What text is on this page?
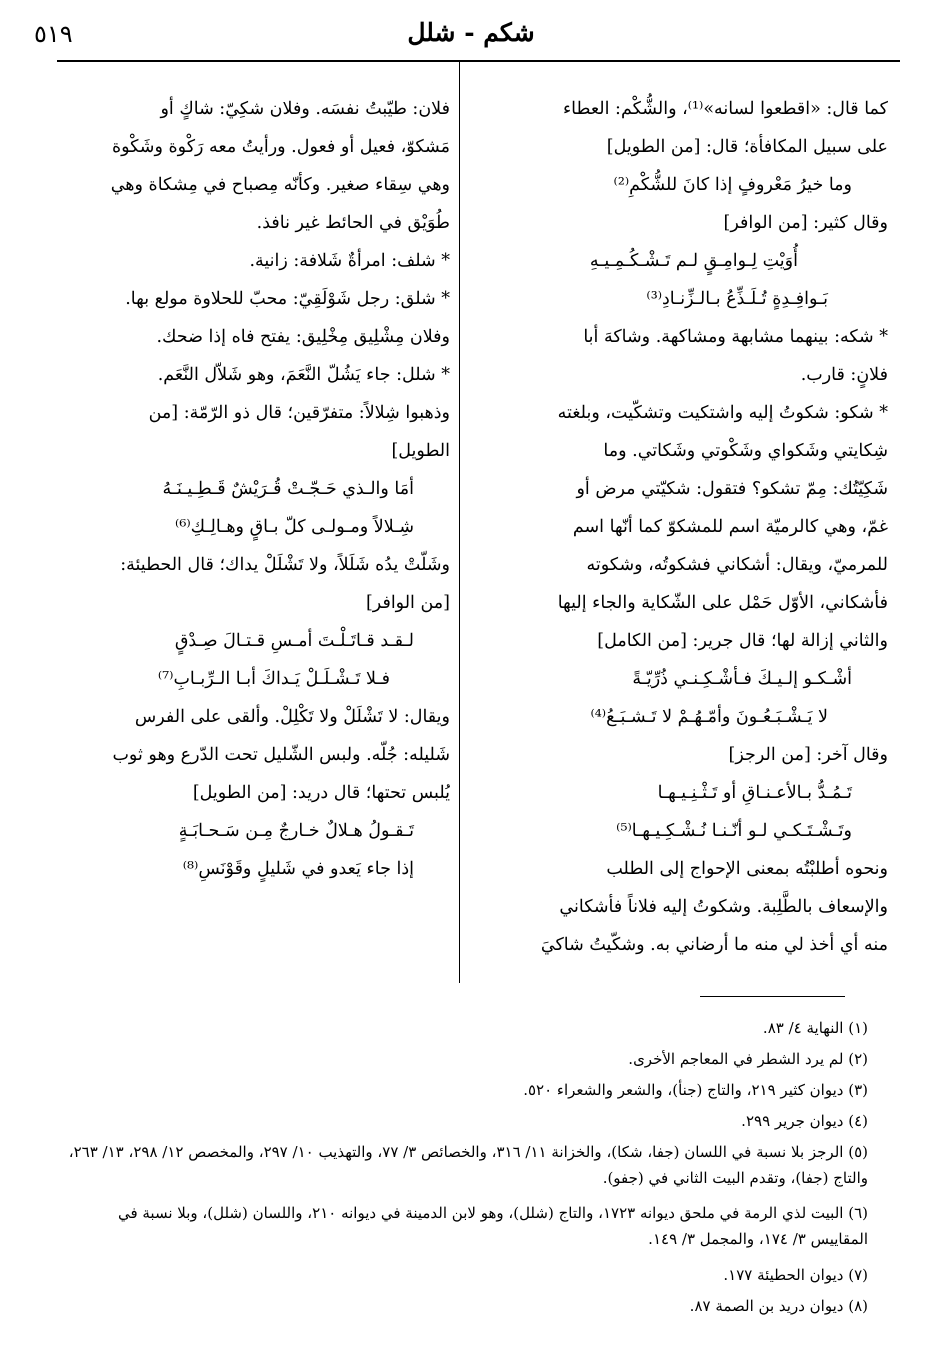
شكم - شلل
٥١٩
كما قال: «اقطعوا لسانه»⁽¹⁾، والشُّكْم: العطاء
على سبيل المكافأة؛ قال: [من الطويل]
وما خيرُ مَعْروفٍ إذا كانَ للشُّكْمِ⁽²⁾
وقال كثير: [من الوافر]
أُوَيْتِ لِـوامِـقٍ لـم تَـشْـكُـمِـيـهِ
بَـوافِـدِةٍ تُـلَـذِّعُ بـالـزِّنـادِ⁽³⁾
* شكه: بينهما مشابهة ومشاكهة. وشاكهَ أبا
فلانٍ: قارب.
* شكو: شكوتُ إليه واشتكيت وتشكّيت، وبلغته
شِكايتي وشَكواي وشَكْوتي وشَكاتي. وما
شَكِيّتُك: مِمّ تشكو؟ فتقول: شكيّتي مرض أو
غمّ، وهي كالرميّة اسم للمشكوّ كما أنّها اسم
للمرميّ، ويقال: أشكاني فشكوتُه، وشكوته
فأشكاني، الأوّل حَمْل على الشّكاية والجاء إليها
والثاني إزالة لها؛ قال جرير: [من الكامل]
أشْـكـو إلـيـكَ فـأشْـكِـنـي ذُرِّيّـةً
لا يَـشْـبَـعُـونَ وأمّـهُـمْ لا تَـشـبَـعُ⁽⁴⁾
وقال آخر: [من الرجز]
تَـمُـدُّ بـالأعـنـاقِ أو تَـثْـنِـيـهـا
وتَـشْـتَـكـي لـو أنّـنـا نُـشْـكِـيـهـا⁽⁵⁾
ونحوه أطلبْتُه بمعنى الإحواج إلى الطلب
والإسعاف بالطَّلِبة. وشكوتُ إليه فلاناً فأشكاني
منه أي أخذ لي منه ما أرضاني به. وشكّيتُ شاكيَ
فلان: طيّبتُ نفسَه. وفلان شكِيّ: شاكٍ أو
مَشكوّ، فعيل أو فعول. ورأيتُ معه رَكْوة وشَكْوة
وهي سِقاء صغير. وكأنّه مِصباح في مِشكاة وهي
طُوَيْق في الحائط غير نافذ.
* شلف: امرأةٌ شَلافة: زانية.
* شلق: رجل شَوْلَقِيّ: محبّ للحلاوة مولع بها.
وفلان مِشْلِيق مِخْلِيق: يفتح فاه إذا ضحك.
* شلل: جاء يَشُلّ النَّعَمَ، وهو شَلاّل النَّعَم.
وذهبوا شِلالاً: متفرّقين؛ قال ذو الرّمّة: [من
الطويل]
أمَا والـذي حَـجّـتْ قُـرَيْشٌ قَـطِـيـنَـهُ
شِـلالاً ومـولـى كلّ بـاقٍ وهـالِـكِ⁽⁶⁾
وشَلّتْ يدُه شَلَلاً، ولا تَشْلَلْ يداك؛ قال الحطيئة:
[من الوافر]
لـقـد قـاتَـلْـتَ أمـسِ قـتـالَ صِـدْقٍ
فـلا تَـشْـلَـلْ يَـداكَ أبـا الـرِّبـابِ⁽⁷⁾
ويقال: لا تَشْلَلْ ولا تَكْلِلْ. وألقى على الفرس
شَليله: جُلّه. ولبس الشّليل تحت الدّرع وهو ثوب
يُلبس تحتها؛ قال دريد: [من الطويل]
تَـقـولُ هـلالٌ خـارجٌ مِـن سَـحـابَـةٍ
إذا جاء يَعدو في شَليلٍ وقَوْنَسِ⁽⁸⁾
(١) النهاية ٤/ ٨٣.
(٢) لم يرد الشطر في المعاجم الأخرى.
(٣) ديوان كثير ٢١٩، والتاج (جنأ)، والشعر والشعراء ٥٢٠.
(٤) ديوان جرير ٢٩٩.
(٥) الرجز بلا نسبة في اللسان (جفا، شكا)، والخزانة ١١/ ٣١٦، والخصائص ٣/ ٧٧، والتهذيب ١٠/ ٢٩٧، والمخصص ١٢/ ٢٩٨، ١٣/ ٢٦٣، والتاج (جفا)، وتقدم البيت الثاني في (جفو).
(٦) البيت لذي الرمة في ملحق ديوانه ١٧٢٣، والتاج (شلل)، وهو لابن الدمينة في ديوانه ٢١٠، واللسان (شلل)، وبلا نسبة في المقاييس ٣/ ١٧٤، والمجمل ٣/ ١٤٩.
(٧) ديوان الحطيئة ١٧٧.
(٨) ديوان دريد بن الصمة ٨٧.
